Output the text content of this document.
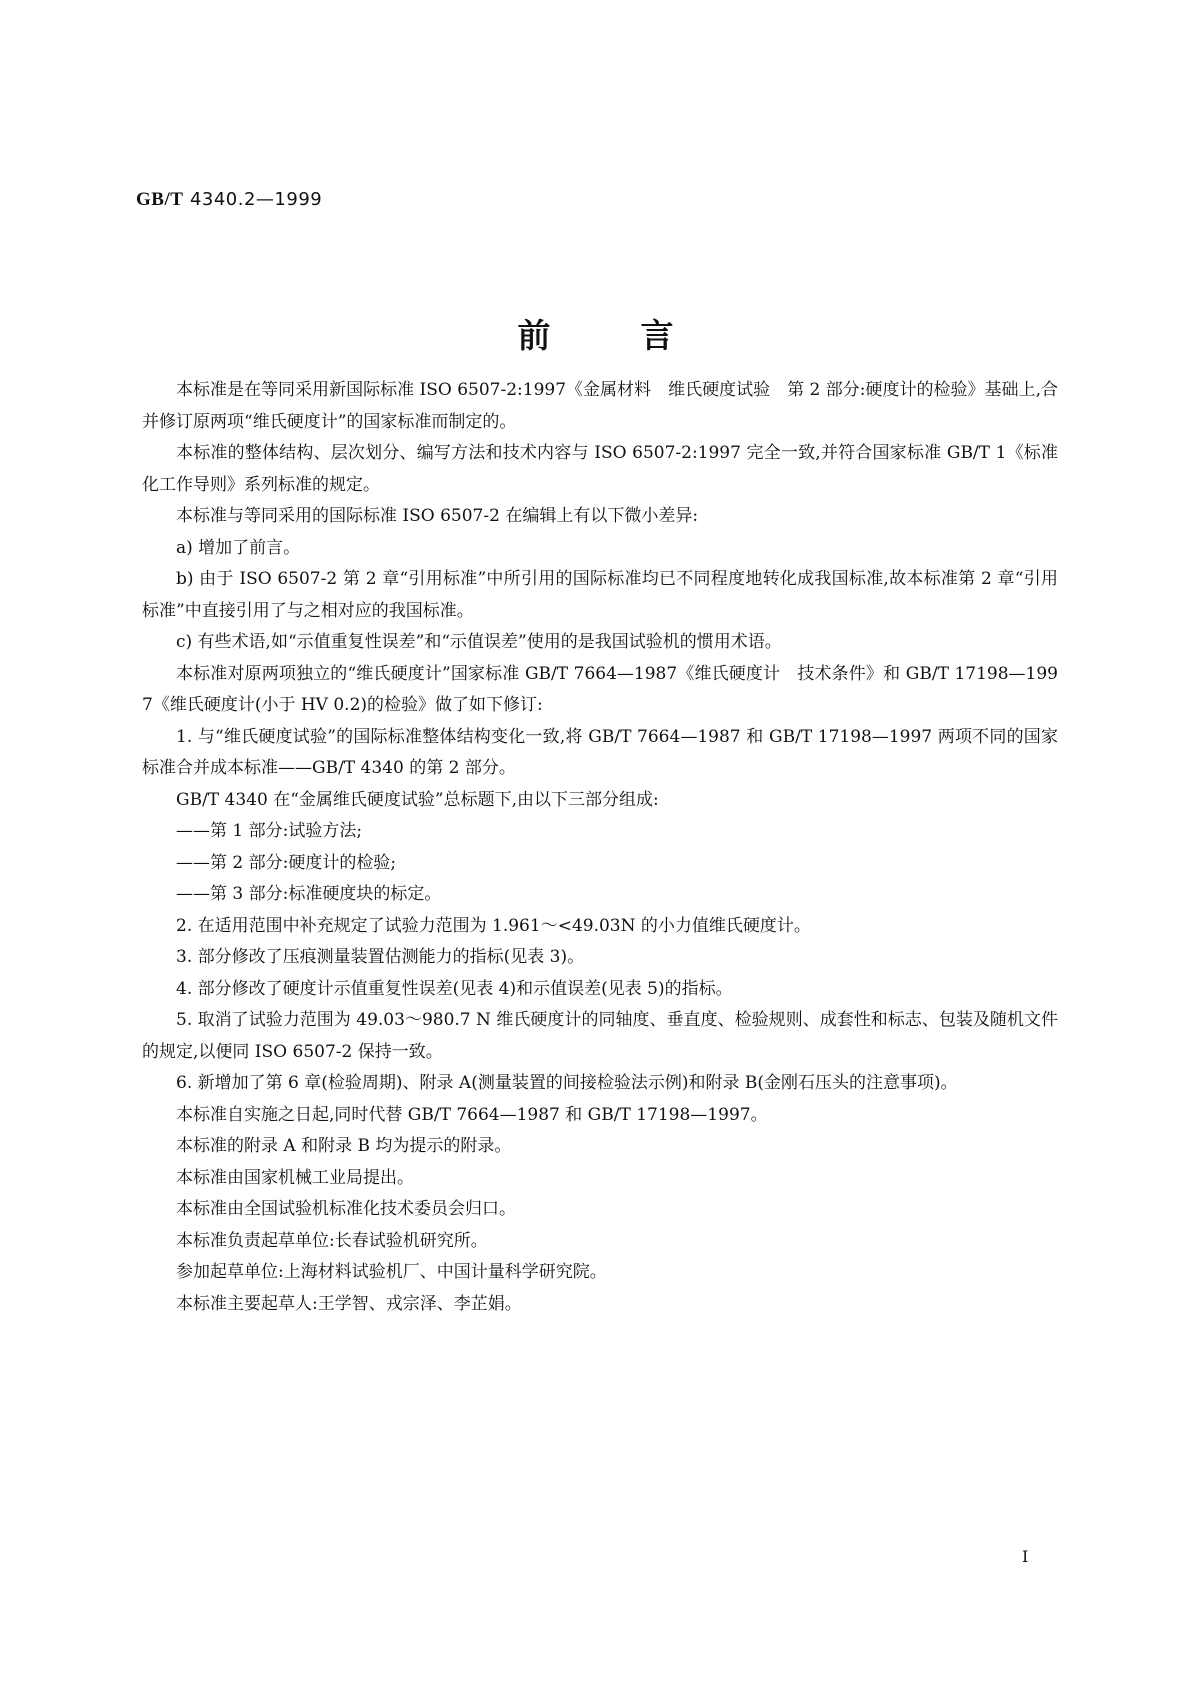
GB/T 4340.2—1999
前言

本标准是在等同采用新国际标准 ISO 6507-2:1997《金属材料　维氏硬度试验　第 2 部分:硬度计的检验》基础上,合并修订原两项“维氏硬度计”的国家标准而制定的。

本标准的整体结构、层次划分、编写方法和技术内容与 ISO 6507-2:1997 完全一致,并符合国家标准 GB/T 1《标准化工作导则》系列标准的规定。

本标准与等同采用的国际标准 ISO 6507-2 在编辑上有以下微小差异:

a) 增加了前言。

b) 由于 ISO 6507-2 第 2 章“引用标准”中所引用的国际标准均已不同程度地转化成我国标准,故本标准第 2 章“引用标准”中直接引用了与之相对应的我国标准。

c) 有些术语,如“示值重复性误差”和“示值误差”使用的是我国试验机的惯用术语。

本标准对原两项独立的“维氏硬度计”国家标准 GB/T 7664—1987《维氏硬度计　技术条件》和 GB/T 17198—1997《维氏硬度计(小于 HV 0.2)的检验》做了如下修订:

1. 与“维氏硬度试验”的国际标准整体结构变化一致,将 GB/T 7664—1987 和 GB/T 17198—1997 两项不同的国家标准合并成本标准——GB/T 4340 的第 2 部分。

GB/T 4340 在“金属维氏硬度试验”总标题下,由以下三部分组成:

——第 1 部分:试验方法;

——第 2 部分:硬度计的检验;

——第 3 部分:标准硬度块的标定。

2. 在适用范围中补充规定了试验力范围为 1.961～<49.03N 的小力值维氏硬度计。

3. 部分修改了压痕测量装置估测能力的指标(见表 3)。

4. 部分修改了硬度计示值重复性误差(见表 4)和示值误差(见表 5)的指标。

5. 取消了试验力范围为 49.03～980.7 N 维氏硬度计的同轴度、垂直度、检验规则、成套性和标志、包装及随机文件的规定,以便同 ISO 6507-2 保持一致。

6. 新增加了第 6 章(检验周期)、附录 A(测量装置的间接检验法示例)和附录 B(金刚石压头的注意事项)。

本标准自实施之日起,同时代替 GB/T 7664—1987 和 GB/T 17198—1997。

本标准的附录 A 和附录 B 均为提示的附录。

本标准由国家机械工业局提出。

本标准由全国试验机标准化技术委员会归口。

本标准负责起草单位:长春试验机研究所。

参加起草单位:上海材料试验机厂、中国计量科学研究院。

本标准主要起草人:王学智、戎宗泽、李芷娟。

I
